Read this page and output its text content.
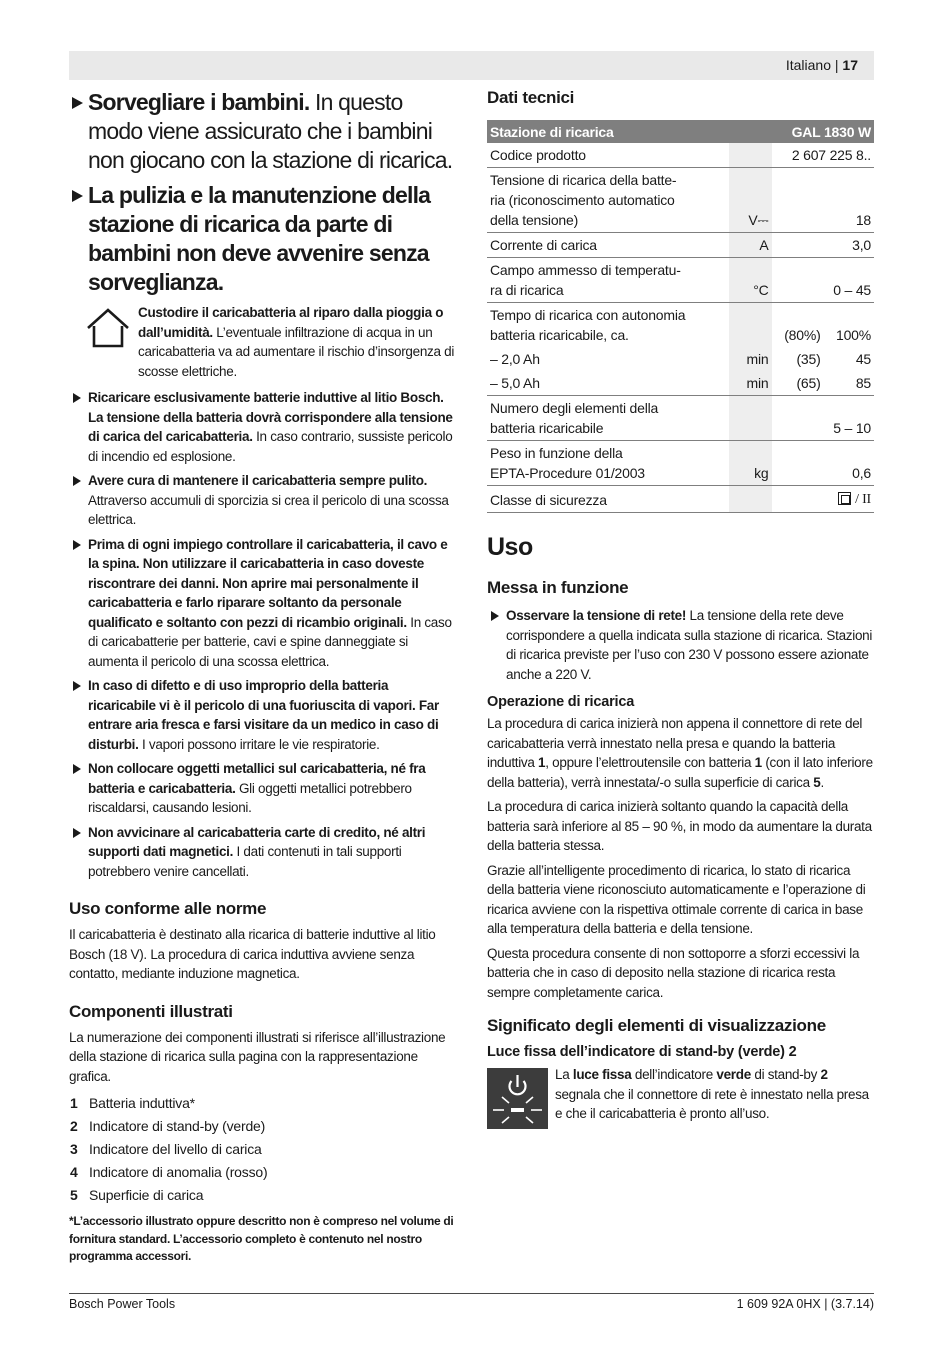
Italiano | 17
Sorvegliare i bambini. In questo modo viene assicurato che i bambini non giocano con la stazione di ricarica.
La pulizia e la manutenzione della stazione di ricarica da parte di bambini non deve avvenire senza sorveglianza.
Custodire il caricabatteria al riparo dalla pioggia o dall’umidità. L’eventuale infiltrazione di acqua in un caricabatteria va ad aumentare il rischio d’insorgenza di scosse elettriche.
Ricaricare esclusivamente batterie induttive al litio Bosch. La tensione della batteria dovrà corrispondere alla tensione di carica del caricabatteria. In caso contrario, sussiste pericolo di incendio ed esplosione.
Avere cura di mantenere il caricabatteria sempre pulito. Attraverso accumuli di sporcizia si crea il pericolo di una scossa elettrica.
Prima di ogni impiego controllare il caricabatteria, il cavo e la spina. Non utilizzare il caricabatteria in caso doveste riscontrare dei danni. Non aprire mai personalmente il caricabatteria e farlo riparare soltanto da personale qualificato e soltanto con pezzi di ricambio originali. In caso di caricabatterie per batterie, cavi e spine danneggiate si aumenta il pericolo di una scossa elettrica.
In caso di difetto e di uso improprio della batteria ricaricabile vi è il pericolo di una fuoriuscita di vapori. Far entrare aria fresca e farsi visitare da un medico in caso di disturbi. I vapori possono irritare le vie respiratorie.
Non collocare oggetti metallici sul caricabatteria, né fra batteria e caricabatteria. Gli oggetti metallici potrebbero riscaldarsi, causando lesioni.
Non avvicinare al caricabatteria carte di credito, né altri supporti dati magnetici. I dati contenuti in tali supporti potrebbero venire cancellati.
Uso conforme alle norme

Il caricabatteria è destinato alla ricarica di batterie induttive al litio Bosch (18 V). La procedura di carica induttiva avviene senza contatto, mediante induzione magnetica.

Componenti illustrati

La numerazione dei componenti illustrati si riferisce all’illustrazione della stazione di ricarica sulla pagina con la rappresentazione grafica.

1 Batteria induttiva*
2 Indicatore di stand-by (verde)
3 Indicatore del livello di carica
4 Indicatore di anomalia (rosso)
5 Superficie di carica

*L’accessorio illustrato oppure descritto non è compreso nel volume di fornitura standard. L’accessorio completo è contenuto nel nostro programma accessori.

Dati tecnici
Stazione di ricarica		GAL 1830 W	
Codice prodotto		2 607 225 8..	
Tensione di ricarica della batte-
ria (riconoscimento automatico
della tensione)	V⎓	18	
Corrente di carica	A	3,0	
Campo ammesso di temperatu-
ra di ricarica	°C	0 – 45	
Tempo di ricarica con autonomia
batteria ricaricabile, ca.		(80%)	100%
– 2,0 Ah	min	(35)	45
– 5,0 Ah	min	(65)	85
Numero degli elementi della
batteria ricaricabile		5 – 10	
Peso in funzione della
EPTA-Procedure 01/2003	kg	0,6	
Classe di sicurezza		/ II	
Uso
Messa in funzione
Osservare la tensione di rete! La tensione della rete deve corrispondere a quella indicata sulla stazione di ricarica. Stazioni di ricarica previste per l’uso con 230 V possono essere azionate anche a 220 V.
Operazione di ricarica

La procedura di carica inizierà non appena il connettore di rete del caricabatteria verrà innestato nella presa e quando la batteria induttiva 1, oppure l’elettroutensile con batteria 1 (con il lato inferiore della batteria), verrà innestata/-o sulla superficie di carica 5.

La procedura di carica inizierà soltanto quando la capacità della batteria sarà inferiore al 85 – 90 %, in modo da aumentare la durata della batteria stessa.

Grazie all’intelligente procedimento di ricarica, lo stato di ricarica della batteria viene riconosciuto automaticamente e l’operazione di ricarica avviene con la rispettiva ottimale corrente di carica in base alla temperatura della batteria e della tensione.

Questa procedura consente di non sottoporre a sforzi eccessivi la batteria che in caso di deposito nella stazione di ricarica resta sempre completamente carica.

Significato degli elementi di visualizzazione
Luce fissa dell’indicatore di stand-by (verde) 2

La luce fissa dell’indicatore verde di stand-by 2 segnala che il connettore di rete è innestato nella presa e che il caricabatteria è pronto all’uso.

Bosch Power Tools	1 609 92A 0HX | (3.7.14)
